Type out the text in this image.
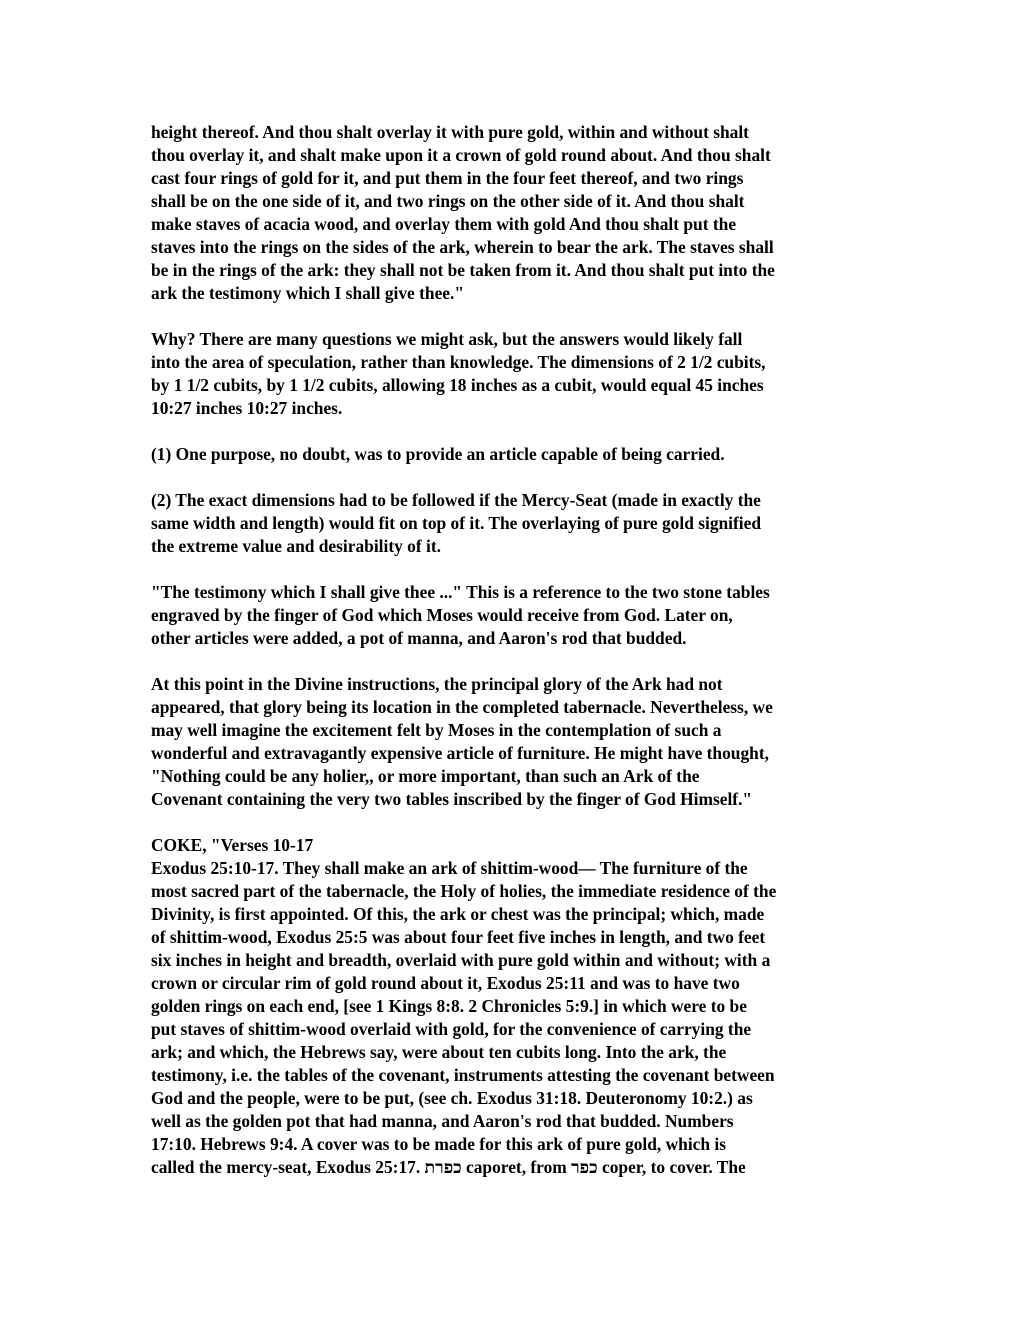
height thereof. And thou shalt overlay it with pure gold, within and without shalt
thou overlay it, and shalt make upon it a crown of gold round about. And thou shalt
cast four rings of gold for it, and put them in the four feet thereof, and two rings
shall be on the one side of it, and two rings on the other side of it. And thou shalt
make staves of acacia wood, and overlay them with gold And thou shalt put the
staves into the rings on the sides of the ark, wherein to bear the ark. The staves shall
be in the rings of the ark: they shall not be taken from it. And thou shalt put into the
ark the testimony which I shall give thee."
Why? There are many questions we might ask, but the answers would likely fall
into the area of speculation, rather than knowledge. The dimensions of 2 1/2 cubits,
by 1 1/2 cubits, by 1 1/2 cubits, allowing 18 inches as a cubit, would equal 45 inches
10:27 inches 10:27 inches.
(1) One purpose, no doubt, was to provide an article capable of being carried.
(2) The exact dimensions had to be followed if the Mercy-Seat (made in exactly the
same width and length) would fit on top of it. The overlaying of pure gold signified
the extreme value and desirability of it.
"The testimony which I shall give thee ..." This is a reference to the two stone tables
engraved by the finger of God which Moses would receive from God. Later on,
other articles were added, a pot of manna, and Aaron's rod that budded.
At this point in the Divine instructions, the principal glory of the Ark had not
appeared, that glory being its location in the completed tabernacle. Nevertheless, we
may well imagine the excitement felt by Moses in the contemplation of such a
wonderful and extravagantly expensive article of furniture. He might have thought,
"Nothing could be any holier,, or more important, than such an Ark of the
Covenant containing the very two tables inscribed by the finger of God Himself."
COKE, "Verses 10-17
Exodus 25:10-17. They shall make an ark of shittim-wood— The furniture of the
most sacred part of the tabernacle, the Holy of holies, the immediate residence of the
Divinity, is first appointed. Of this, the ark or chest was the principal; which, made
of shittim-wood, Exodus 25:5 was about four feet five inches in length, and two feet
six inches in height and breadth, overlaid with pure gold within and without; with a
crown or circular rim of gold round about it, Exodus 25:11 and was to have two
golden rings on each end, [see 1 Kings 8:8. 2 Chronicles 5:9.] in which were to be
put staves of shittim-wood overlaid with gold, for the convenience of carrying the
ark; and which, the Hebrews say, were about ten cubits long. Into the ark, the
testimony, i.e. the tables of the covenant, instruments attesting the covenant between
God and the people, were to be put, (see ch. Exodus 31:18. Deuteronomy 10:2.) as
well as the golden pot that had manna, and Aaron's rod that budded. Numbers
17:10. Hebrews 9:4. A cover was to be made for this ark of pure gold, which is
called the mercy-seat, Exodus 25:17. כפרת caporet, from כפר coper, to cover. The
